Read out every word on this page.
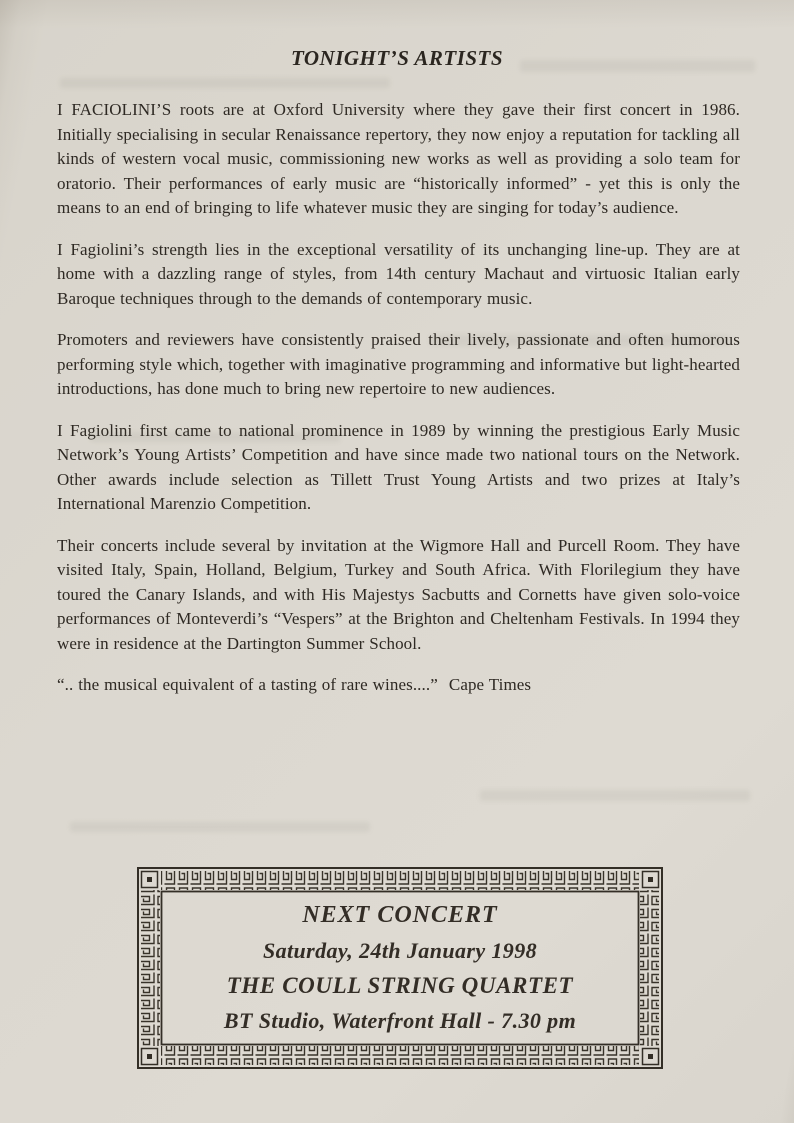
TONIGHT’S ARTISTS

I FACIOLINI’S roots are at Oxford University where they gave their first concert in 1986. Initially specialising in secular Renaissance repertory, they now enjoy a reputation for tackling all kinds of western vocal music, commissioning new works as well as providing a solo team for oratorio. Their performances of early music are “historically informed” - yet this is only the means to an end of bringing to life whatever music they are singing for today’s audience.

I Fagiolini’s strength lies in the exceptional versatility of its unchanging line-up. They are at home with a dazzling range of styles, from 14th century Machaut and virtuosic Italian early Baroque techniques through to the demands of contemporary music.

Promoters and reviewers have consistently praised their lively, passionate and often humorous performing style which, together with imaginative programming and informative but light-hearted introductions, has done much to bring new repertoire to new audiences.

I Fagiolini first came to national prominence in 1989 by winning the prestigious Early Music Network’s Young Artists’ Competition and have since made two national tours on the Network. Other awards include selection as Tillett Trust Young Artists and two prizes at Italy’s International Marenzio Competition.

Their concerts include several by invitation at the Wigmore Hall and Purcell Room. They have visited Italy, Spain, Holland, Belgium, Turkey and South Africa. With Florilegium they have toured the Canary Islands, and with His Majestys Sacbutts and Cornetts have given solo-voice performances of Monteverdi’s “Vespers” at the Brighton and Cheltenham Festivals. In 1994 they were in residence at the Dartington Summer School.

“.. the musical equivalent of a tasting of rare wines....” Cape Times

NEXT CONCERT
Saturday, 24th January 1998
THE COULL STRING QUARTET
BT Studio, Waterfront Hall - 7.30 pm
